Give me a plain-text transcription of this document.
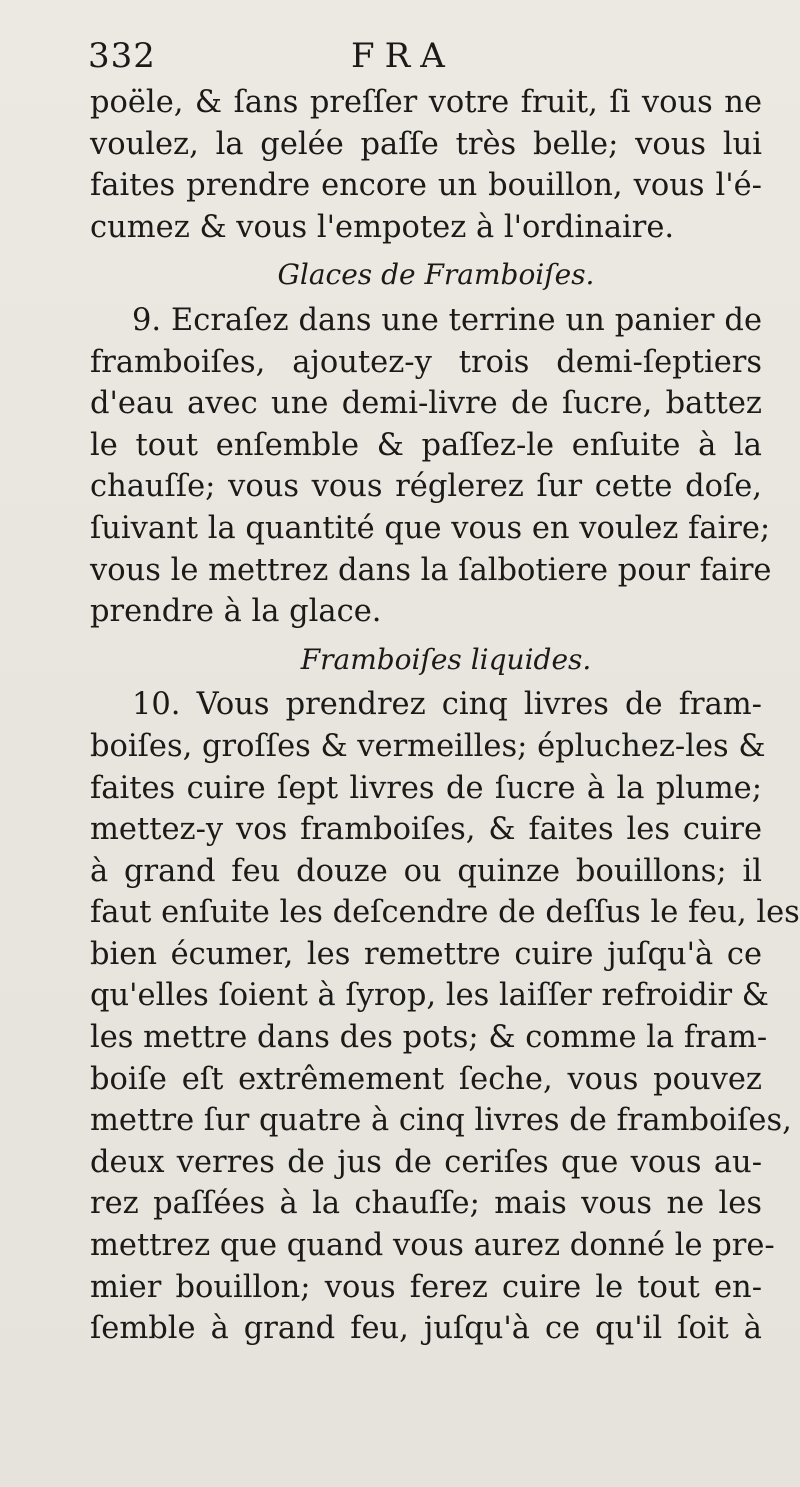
332	FRA
poële, & ſans preſſer votre fruit, ſi vous ne
voulez, la gelée paſſe très belle; vous lui
faites prendre encore un bouillon, vous l'é-
cumez & vous l'empotez à l'ordinaire.
Glaces de Framboiſes.
9. Ecraſez dans une terrine un panier de
framboiſes, ajoutez-y trois demi-ſeptiers
d'eau avec une demi-livre de ſucre, battez
le tout enſemble & paſſez-le enſuite à la
chauſſe; vous vous réglerez ſur cette doſe,
ſuivant la quantité que vous en voulez faire;
vous le mettrez dans la ſalbotiere pour faire
prendre à la glace.
Framboiſes liquides.
10. Vous prendrez cinq livres de fram-
boiſes, groſſes & vermeilles; épluchez-les &
faites cuire ſept livres de ſucre à la plume;
mettez-y vos framboiſes, & faites les cuire
à grand feu douze ou quinze bouillons; il
faut enſuite les deſcendre de deſſus le feu, les
bien écumer, les remettre cuire juſqu'à ce
qu'elles ſoient à ſyrop, les laiſſer refroidir &
les mettre dans des pots; & comme la fram-
boiſe eſt extrêmement ſeche, vous pouvez
mettre ſur quatre à cinq livres de framboiſes,
deux verres de jus de ceriſes que vous au-
rez paſſées à la chauſſe; mais vous ne les
mettrez que quand vous aurez donné le pre-
mier bouillon; vous ferez cuire le tout en-
ſemble à grand feu, juſqu'à ce qu'il ſoit à
